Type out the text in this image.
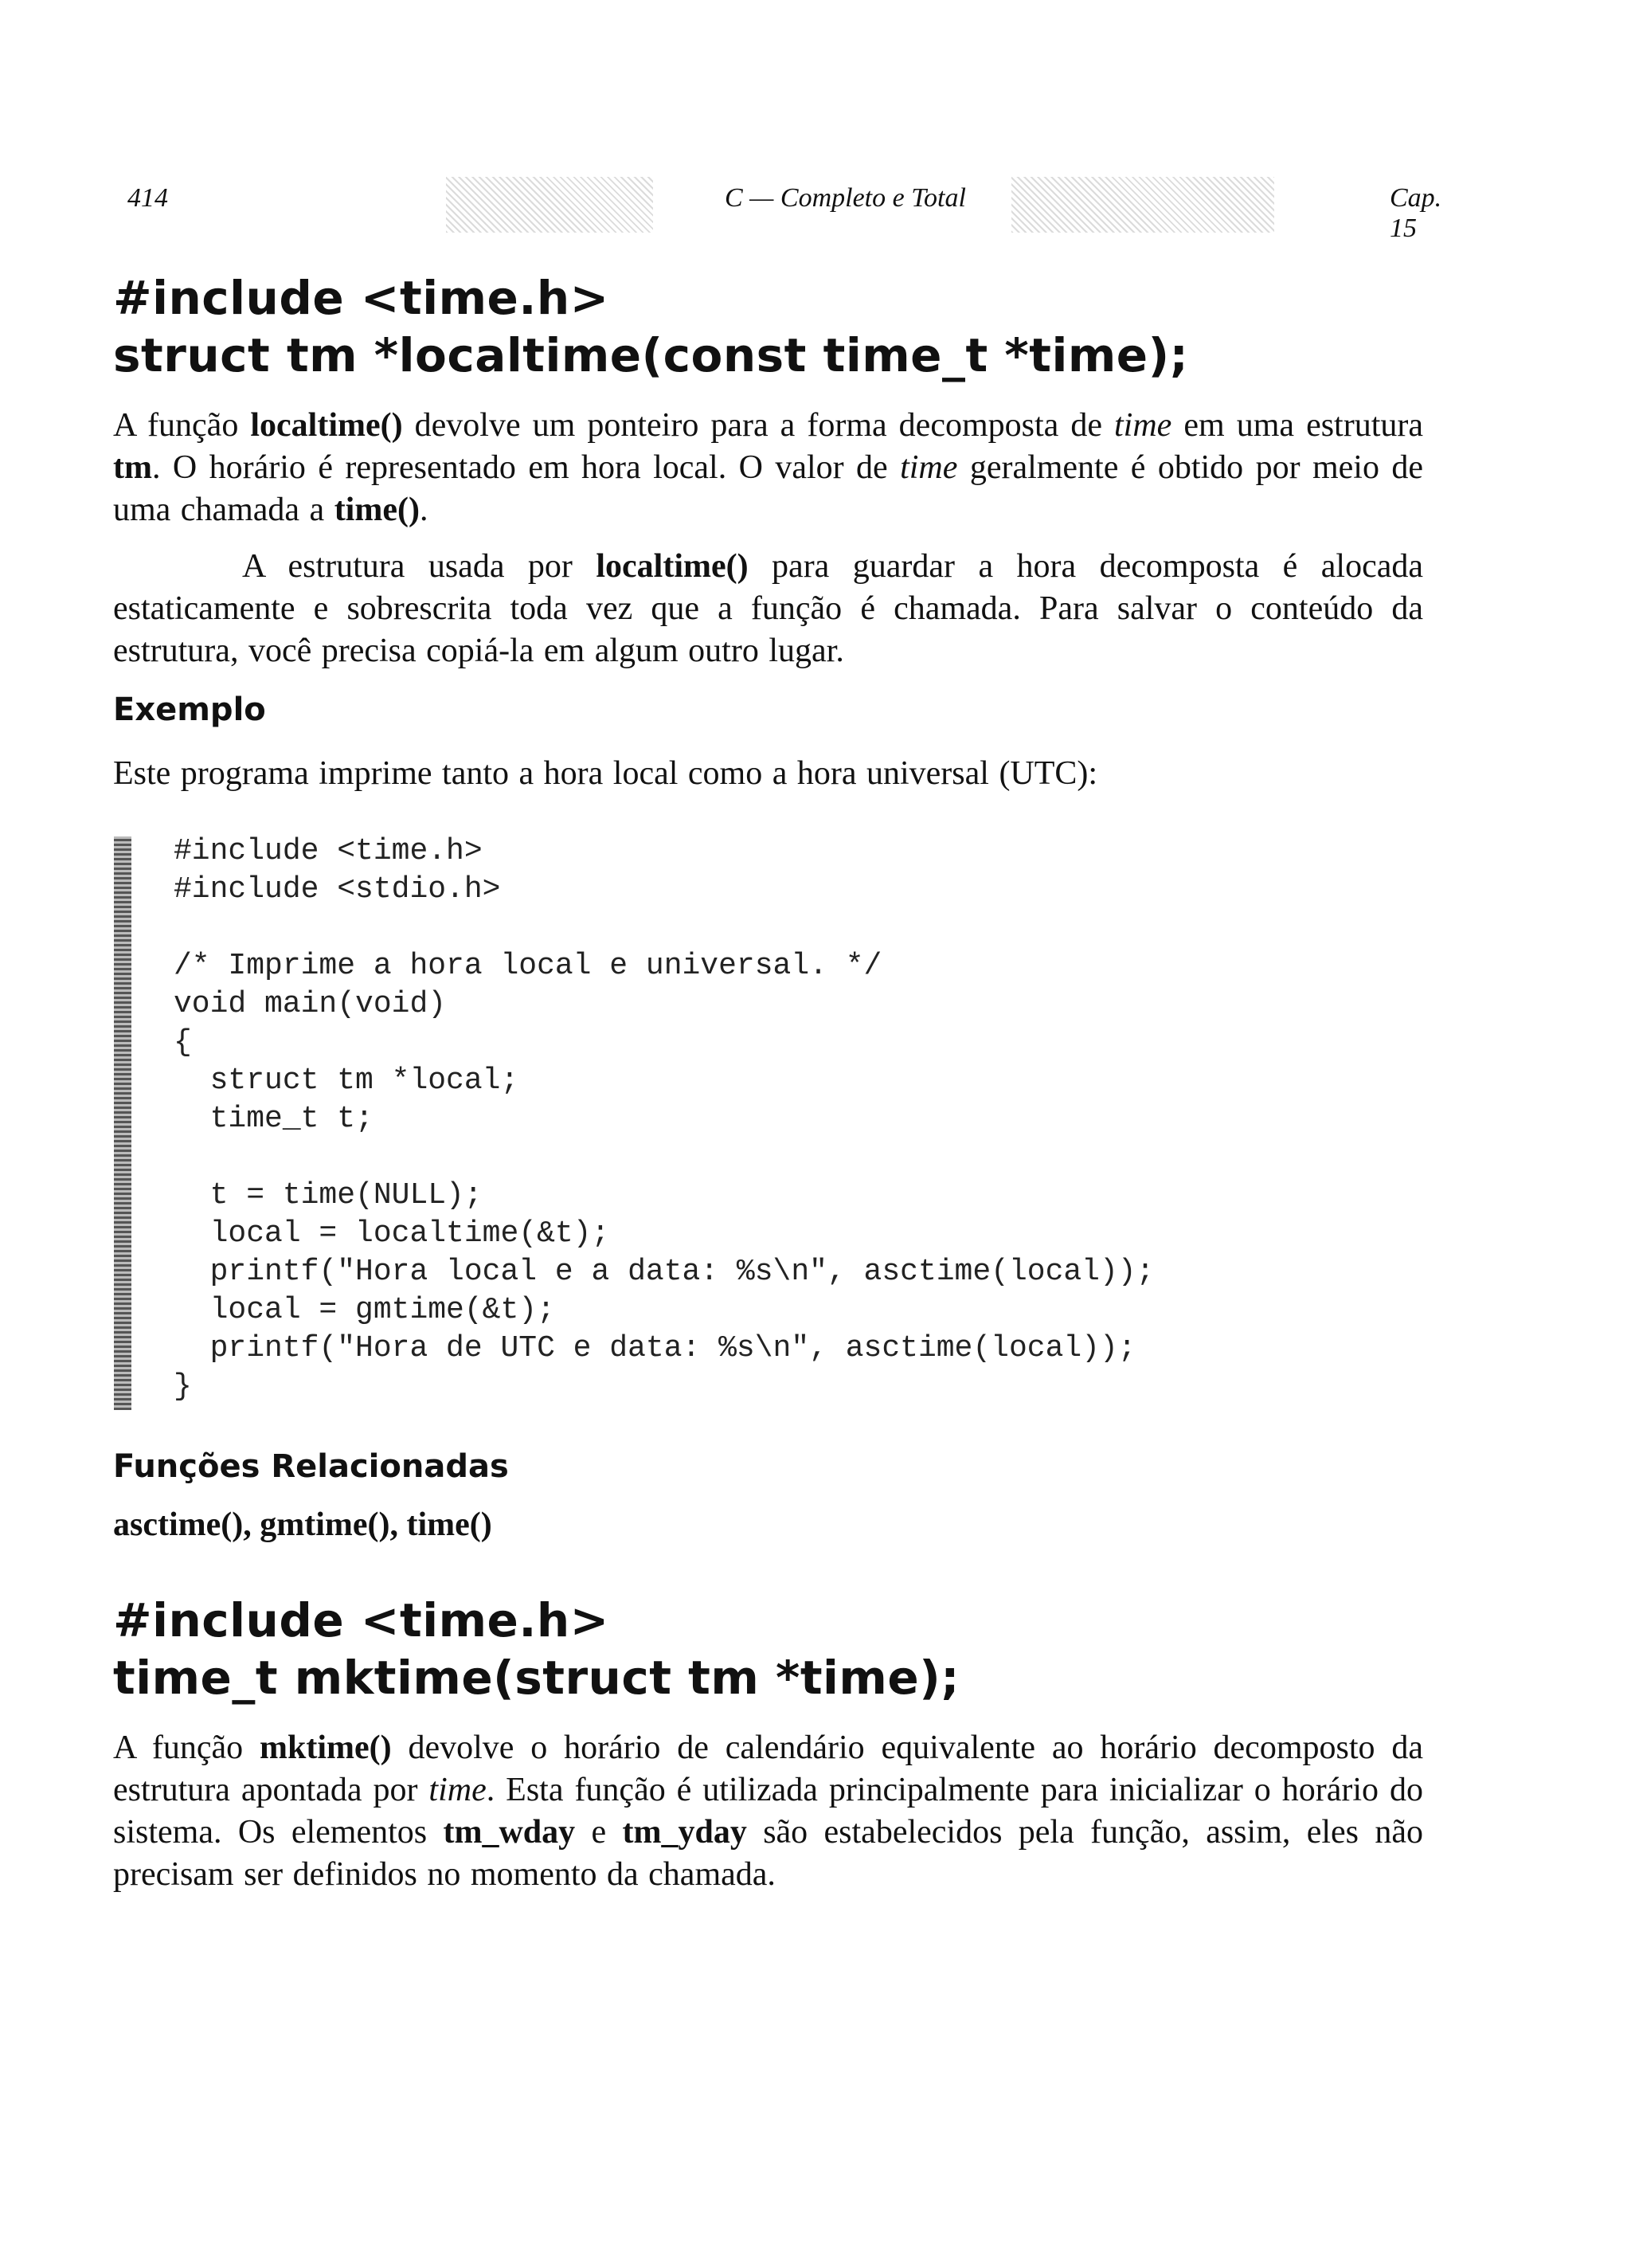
414	C — Completo e Total	Cap. 15
#include <time.h>
struct tm *localtime(const time_t *time);
A função localtime() devolve um ponteiro para a forma decomposta de time em uma estrutura tm. O horário é representado em hora local. O valor de time geralmente é obtido por meio de uma chamada a time().
A estrutura usada por localtime() para guardar a hora decomposta é alocada estaticamente e sobrescrita toda vez que a função é chamada. Para salvar o conteúdo da estrutura, você precisa copiá-la em algum outro lugar.
Exemplo
Este programa imprime tanto a hora local como a hora universal (UTC):
#include <time.h>
#include <stdio.h>

/* Imprime a hora local e universal. */
void main(void)
{
struct tm *local;
time_t t;

t = time(NULL);
local = localtime(&t);
printf("Hora local e a data: %s\n", asctime(local));
local = gmtime(&t);
printf("Hora de UTC e data: %s\n", asctime(local));
}
Funções Relacionadas
asctime(), gmtime(), time()
#include <time.h>
time_t mktime(struct tm *time);
A função mktime() devolve o horário de calendário equivalente ao horário decomposto da estrutura apontada por time. Esta função é utilizada principalmente para inicializar o horário do sistema. Os elementos tm_wday e tm_yday são estabelecidos pela função, assim, eles não precisam ser definidos no momento da chamada.
